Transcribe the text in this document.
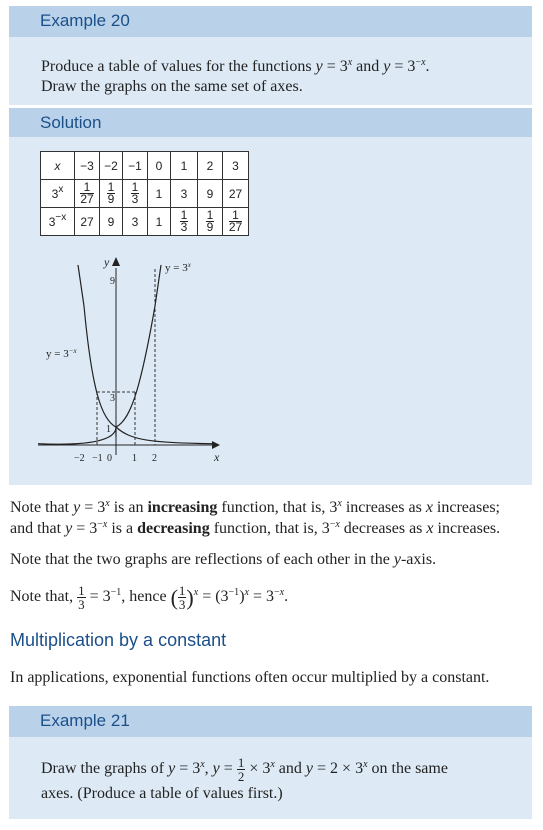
Example 20
Produce a table of values for the functions $y = 3^x$ and $y = 3^{-x}$.
Draw the graphs on the same set of axes.
Solution
x	−3	−2	−1	0	1	2	3
3$^x$	$\frac{1}{27}$	$\frac{1}{9}$	$\frac{1}{3}$	1	3	9	27
$3^{-x}$	27	9	3	1	$\frac{1}{3}$	$\frac{1}{9}$	$\frac{1}{27}$
y
x
9
3
1
−2 −1 0 1 2
$y = 3^x$
$y = 3^{-x}$
Note that $y = 3^x$ is an increasing function, that is, 3$^x$ increases as x increases;
and that $y = 3^{-x}$ is a decreasing function, that is, $3^{-x}$ decreases as x increases.
Note that the two graphs are reflections of each other in the y-axis.
Note that, $\frac{1}{3} = 3^{-1}$, hence ( $\frac{1}{3})^x = (3^{-1})^x = 3^{-x}$.
Multiplication by a constant
In applications, exponential functions often occur multiplied by a constant.
Example 21
Draw the graphs of $y = 3^x$, $y = \frac{1}{2} \times 3^x$ and $y = 2 \times 3^x$ on the same
axes. (Produce a table of values first.)
